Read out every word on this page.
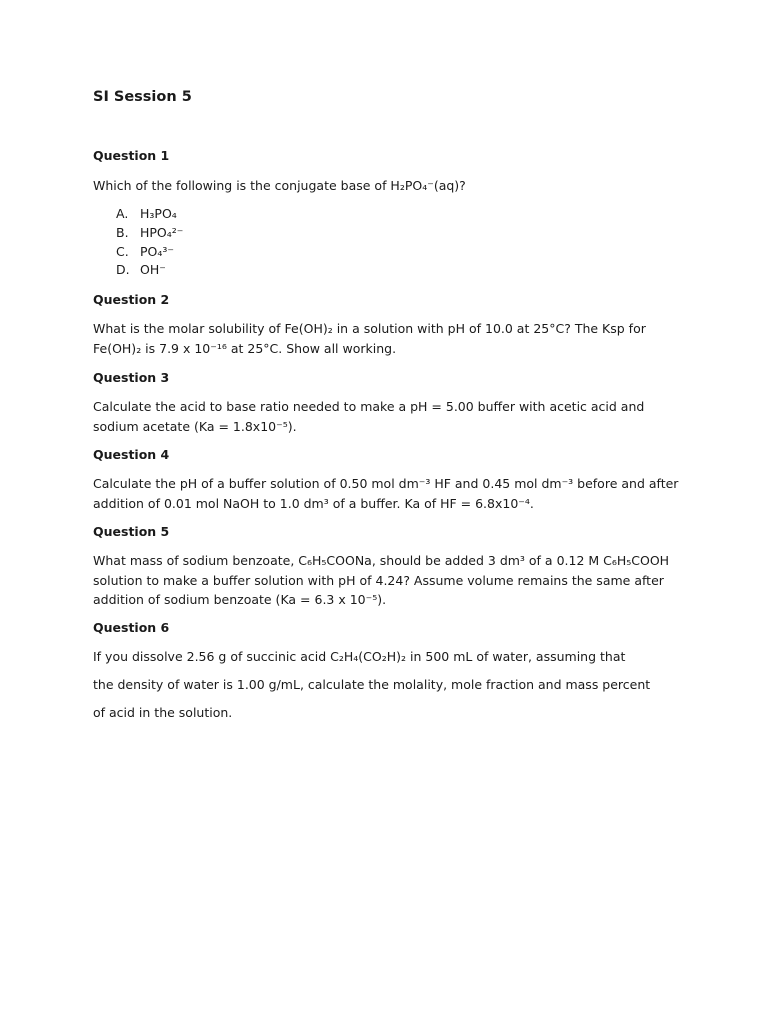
SI Session 5

Question 1

Which of the following is the conjugate base of H₂PO₄⁻(aq)?

A. H₃PO₄
B. HPO₄²⁻
C. PO₄³⁻
D. OH⁻

Question 2

What is the molar solubility of Fe(OH)₂ in a solution with pH of 10.0 at 25°C? The Ksp for

Fe(OH)₂ is 7.9 x 10⁻¹⁶ at 25°C. Show all working.

Question 3

Calculate the acid to base ratio needed to make a pH = 5.00 buffer with acetic acid and

sodium acetate (Ka = 1.8x10⁻⁵).

Question 4

Calculate the pH of a buffer solution of 0.50 mol dm⁻³ HF and 0.45 mol dm⁻³ before and after

addition of 0.01 mol NaOH to 1.0 dm³ of a buffer. Ka of HF = 6.8x10⁻⁴.

Question 5

What mass of sodium benzoate, C₆H₅COONa, should be added 3 dm³ of a 0.12 M C₆H₅COOH

solution to make a buffer solution with pH of 4.24? Assume volume remains the same after

addition of sodium benzoate (Ka = 6.3 x 10⁻⁵).

Question 6

If you dissolve 2.56 g of succinic acid C₂H₄(CO₂H)₂ in 500 mL of water, assuming that

the density of water is 1.00 g/mL, calculate the molality, mole fraction and mass percent

of acid in the solution.
